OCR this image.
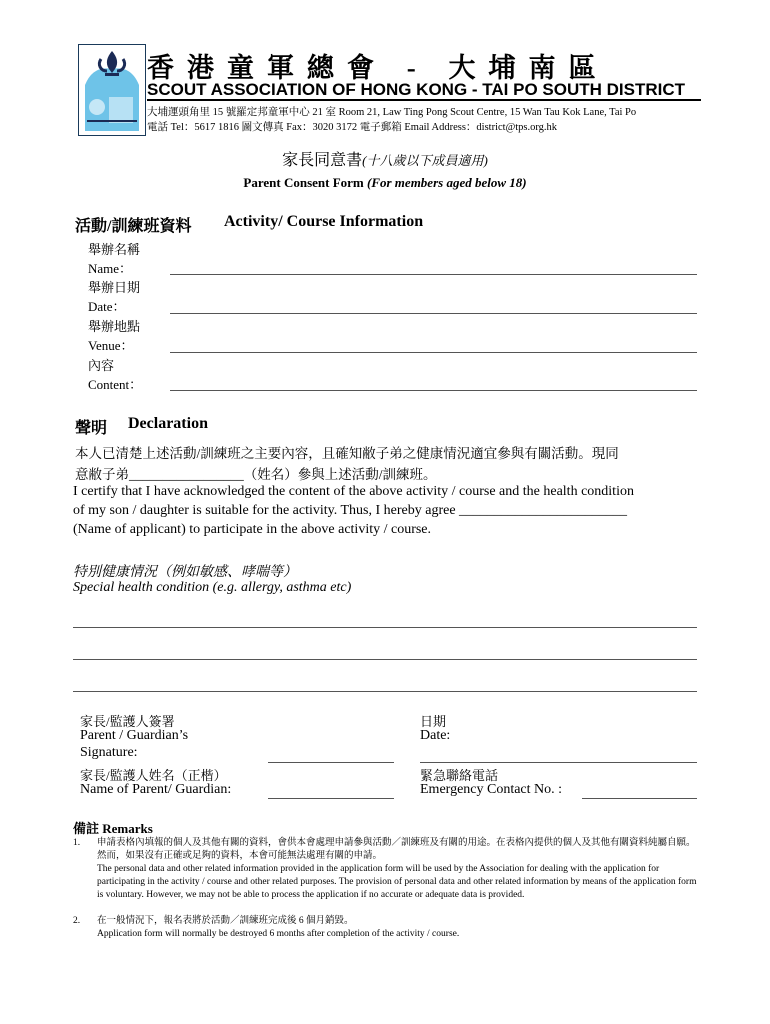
香港童軍總會 - 大埔南區
SCOUT ASSOCIATION OF HONG KONG - TAI PO SOUTH DISTRICT
大埔運頭角里 15 號羅定邦童軍中心 21 室 Room 21, Law Ting Pong Scout Centre, 15 Wan Tau Kok Lane, Tai Po
電話 Tel：5617 1816 圖文傳真 Fax：3020 3172 電子郵箱 Email Address：district@tps.org.hk
家長同意書(十八歲以下成員適用)
Parent Consent Form (For members aged below 18)
活動/訓練班資料 Activity/ Course Information
舉辦名稱
Name：
舉辦日期
Date：
舉辦地點
Venue：
內容
Content：
聲明 Declaration
本人已清楚上述活動/訓練班之主要內容，且確知敝子弟之健康情況適宜參與有關活動。現同
意敝子弟_________________（姓名）參與上述活動/訓練班。
I certify that I have acknowledged the content of the above activity / course and the health condition
of my son / daughter is suitable for the activity. Thus, I hereby agree ________________________
(Name of applicant) to participate in the above activity / course.
特別健康情況（例如敏感、哮喘等）
Special health condition (e.g. allergy, asthma etc)
家長/監護人簽署
Parent / Guardian’s
Signature:
家長/監護人姓名（正楷）
Name of Parent/ Guardian:
日期
Date:
緊急聯絡電話
Emergency Contact No. :
備註 Remarks
1. 申請表格內填報的個人及其他有關的資料，會供本會處理申請參與活動／訓練班及有關的用途。在表格內提供的個人及其他有關資料純屬自願。然而，如果沒有正確或足夠的資料，本會可能無法處理有關的申請。
The personal data and other related information provided in the application form will be used by the Association for dealing with the application for participating in the activity / course and other related purposes. The provision of personal data and other related information by means of the application form is voluntary. However, we may not be able to process the application if no accurate or adequate data is provided.
2. 在一般情況下，報名表將於活動／訓練班完成後 6 個月銷毀。
Application form will normally be destroyed 6 months after completion of the activity / course.
